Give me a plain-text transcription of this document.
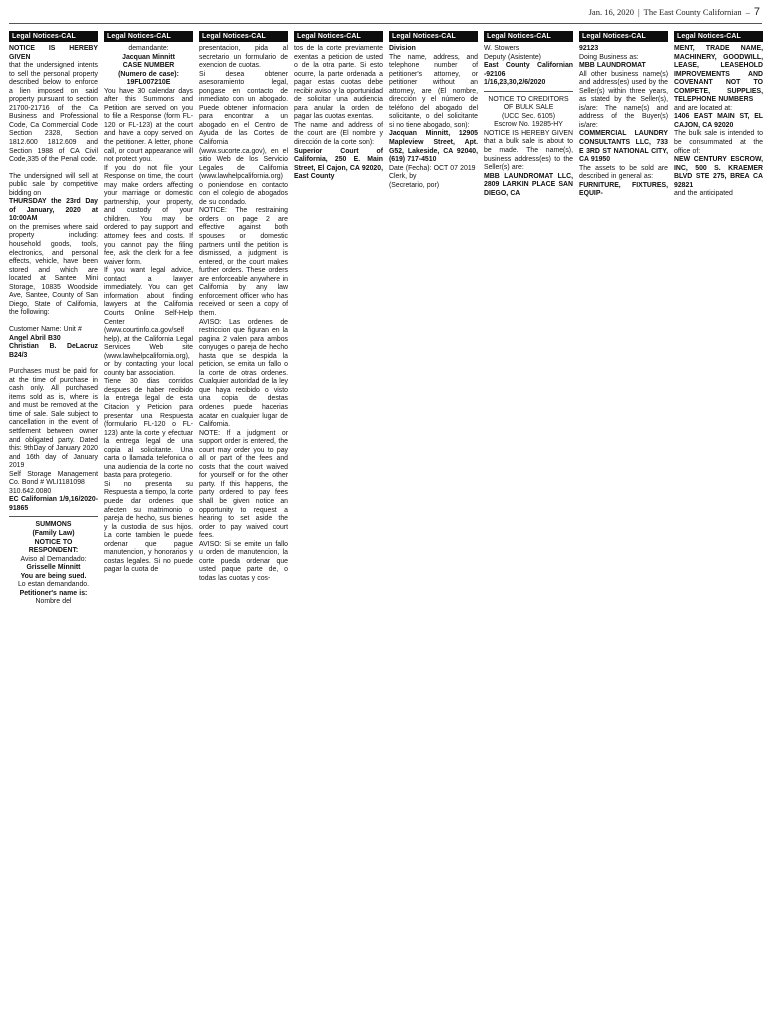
Jan. 16, 2020 | The East County Californian – 7
Legal Notices-CAL

NOTICE IS HEREBY GIVEN

that the undersigned intents to sell the personal property described below to enforce a lien imposed on said property pursuant to section 21700-21716 of the Ca Business and Professional Code, Ca Commercial Code Section 2328, Section 1812.600 1812.609 and Section 1988 of CA Civil Code,335 of the Penal code.

The undersigned will sell at public sale by competitive bidding on

THURSDAY the 23rd Day of January, 2020 at 10:00AM

on the premises where said property including: household goods, tools, electronics, and personal effects, vehicle, have been stored and which are located at Santee Mini Storage, 10835 Woodside Ave, Santee, County of San Diego, State of California, the following:

Customer Name: Unit #

Angel Abril B30
Christian B. DeLacruz B24/3

Purchases must be paid for at the time of purchase in cash only. All purchased items sold as is, where is and must be removed at the time of sale. Sale subject to cancellation in the event of settlement between owner and obligated party. Dated this: 9thDay of January 2020 and 16th day of January 2019
Self Storage Management Co. Bond # WLI1181098
310.642.0080

EC Californian 1/9,16/2020-91865

SUMMONS
(Family Law)
NOTICE TO RESPONDENT:

Aviso al Demandado:

Grisselle Minnitt
You are being sued.

Lo estan demandando.

Petitioner's name is:

Nombre del

Legal Notices-CAL

demandante:

Jacquan Minnitt
CASE NUMBER
(Numero de case):
19FL007210E

You have 30 calendar days after this Summons and Petition are served on you to file a Response (form FL-120 or FL-123) at the court and have a copy served on the petitioner. A letter, phone call, or court appearance will not protect you.
If you do not file your Response on time, the court may make orders affecting your marriage or domestic partnership, your property, and custody of your children. You may be ordered to pay support and attorney fees and costs. If you cannot pay the filing fee, ask the clerk for a fee waiver form.
If you want legal advice, contact a lawyer immediately. You can get information about finding lawyers at the California Courts Online Self-Help Center (www.courtinfo.ca.gov/self help), at the California Legal Services Web site (www.lawhelpcalifornia.org), or by contacting your local county bar association.
Tiene 30 dias corridos despues de haber recibido la entrega legal de esta Citacion y Peticion para presentar una Respuesta (formulario FL-120 o FL-123) ante la corte y efectuar la entrega legal de una copia al solicitante. Una carta o llamada telefonica o una audiencia de la corte no basta para protegerio.
Si no presenta su Respuesta a tiempo, la corte puede dar ordenes que afecten su matrimonio o pareja de hecho, sus bienes y la custodia de sus hijos. La corte tambien le puede ordenar que pague manutencion, y honorarios y costas legales. Si no puede pagar la cuota de

Legal Notices-CAL

presentacion, pida al secretario un formulario de exencion de cuotas.
Si desea obtener asesoramiento legal, pongase en contacto de inmediato con un abogado. Puede obtener informacion para encontrar a un abogado en el Centro de Ayuda de las Cortes de California (www.sucorte.ca.gov), en el sitio Web de los Servicio Legales de California (www.lawhelpcalifornia.org) o poniendose en contacto con el colegio de abogados de su condado.
NOTICE: The restraining orders on page 2 are effective against both spouses or domestic partners until the petition is dismissed, a judgment is entered, or the court makes further orders. These orders are enforceable anywhere in California by any law enforcement officer who has received or seen a copy of them.
AVISO: Las ordenes de restriccion que figuran en la pagina 2 valen para ambos conyuges o pareja de hecho hasta que se despida la peticion, se emita un fallo o la corte de otras ordenes. Cualquier autoridad de la ley que haya recibido o visto una copia de destas ordenes puede hacerias acatar en cualquier lugar de California.
NOTE: If a judgment or support order is entered, the court may order you to pay all or part of the fees and costs that the court waived for yourself or for the other party. If this happens, the party ordered to pay fees shall be given notice an opportunity to request a hearing to set aside the order to pay waived court fees.
AVISO: Si se emite un fallo u orden de manutencion, la corte pueda ordenar que usted paque parte de, o todas las cuotas y cos-

Legal Notices-CAL

tos de la corte previamente exentas a peticion de usted o de la otra parte. Si esto ocurre, la parte ordenada a pagar estas cuotas debe recibir aviso y la oportunidad de solicitar una audiencia para anular la orden de pagar las cuotas exentas.
The name and address of the court are (El nombre y dirección de la corte son):

Superior Court of California, 250 E. Main Street, El Cajon, CA 92020, East County

Legal Notices-CAL

Division

The name, address, and telephone number of petitioner's attorney, or petitioner without an attorney, are (El nombre, dirección y el número de teléfono del abogado del solicitante, o del solicitante si no tiene abogado, son):

Jacquan Minnitt, 12905 Mapleview Street, Apt. G52, Lakeside, CA 92040, (619) 717-4510

Date (Fecha): OCT 07 2019
Clerk, by
(Secretario, por)

Legal Notices-CAL

W. Stowers
Deputy (Asistente)

East County Californian -92106
1/16,23,30,2/6/2020

NOTICE TO CREDITORS OF BULK SALE
(UCC Sec. 6105)
Escrow No. 19285-HY

NOTICE IS HEREBY GIVEN that a bulk sale is about to be made. The name(s), business address(es) to the Seller(s) are:

MBB LAUNDROMAT LLC, 2809 LARKIN PLACE SAN DIEGO, CA

Legal Notices-CAL

92123

Doing Business as:

MBB LAUNDROMAT

All other business name(s) and address(es) used by the Seller(s) within three years, as stated by the Seller(s), is/are: The name(s) and address of the Buyer(s) is/are:

COMMERCIAL LAUNDRY CONSULTANTS LLC, 733 E 3RD ST NATIONAL CITY, CA 91950

The assets to be sold are described in general as:

FURNITURE, FIXTURES, EQUIP-

Legal Notices-CAL

MENT, TRADE NAME, MACHINERY, GOODWILL, LEASE, LEASEHOLD IMPROVEMENTS AND COVENANT NOT TO COMPETE, SUPPLIES, TELEPHONE NUMBERS

and are located at:

1406 EAST MAIN ST, EL CAJON, CA 92020

The bulk sale is intended to be consummated at the office of:

NEW CENTURY ESCROW, INC, 500 S. KRAEMER BLVD STE 275, BREA CA 92821

and the anticipated
